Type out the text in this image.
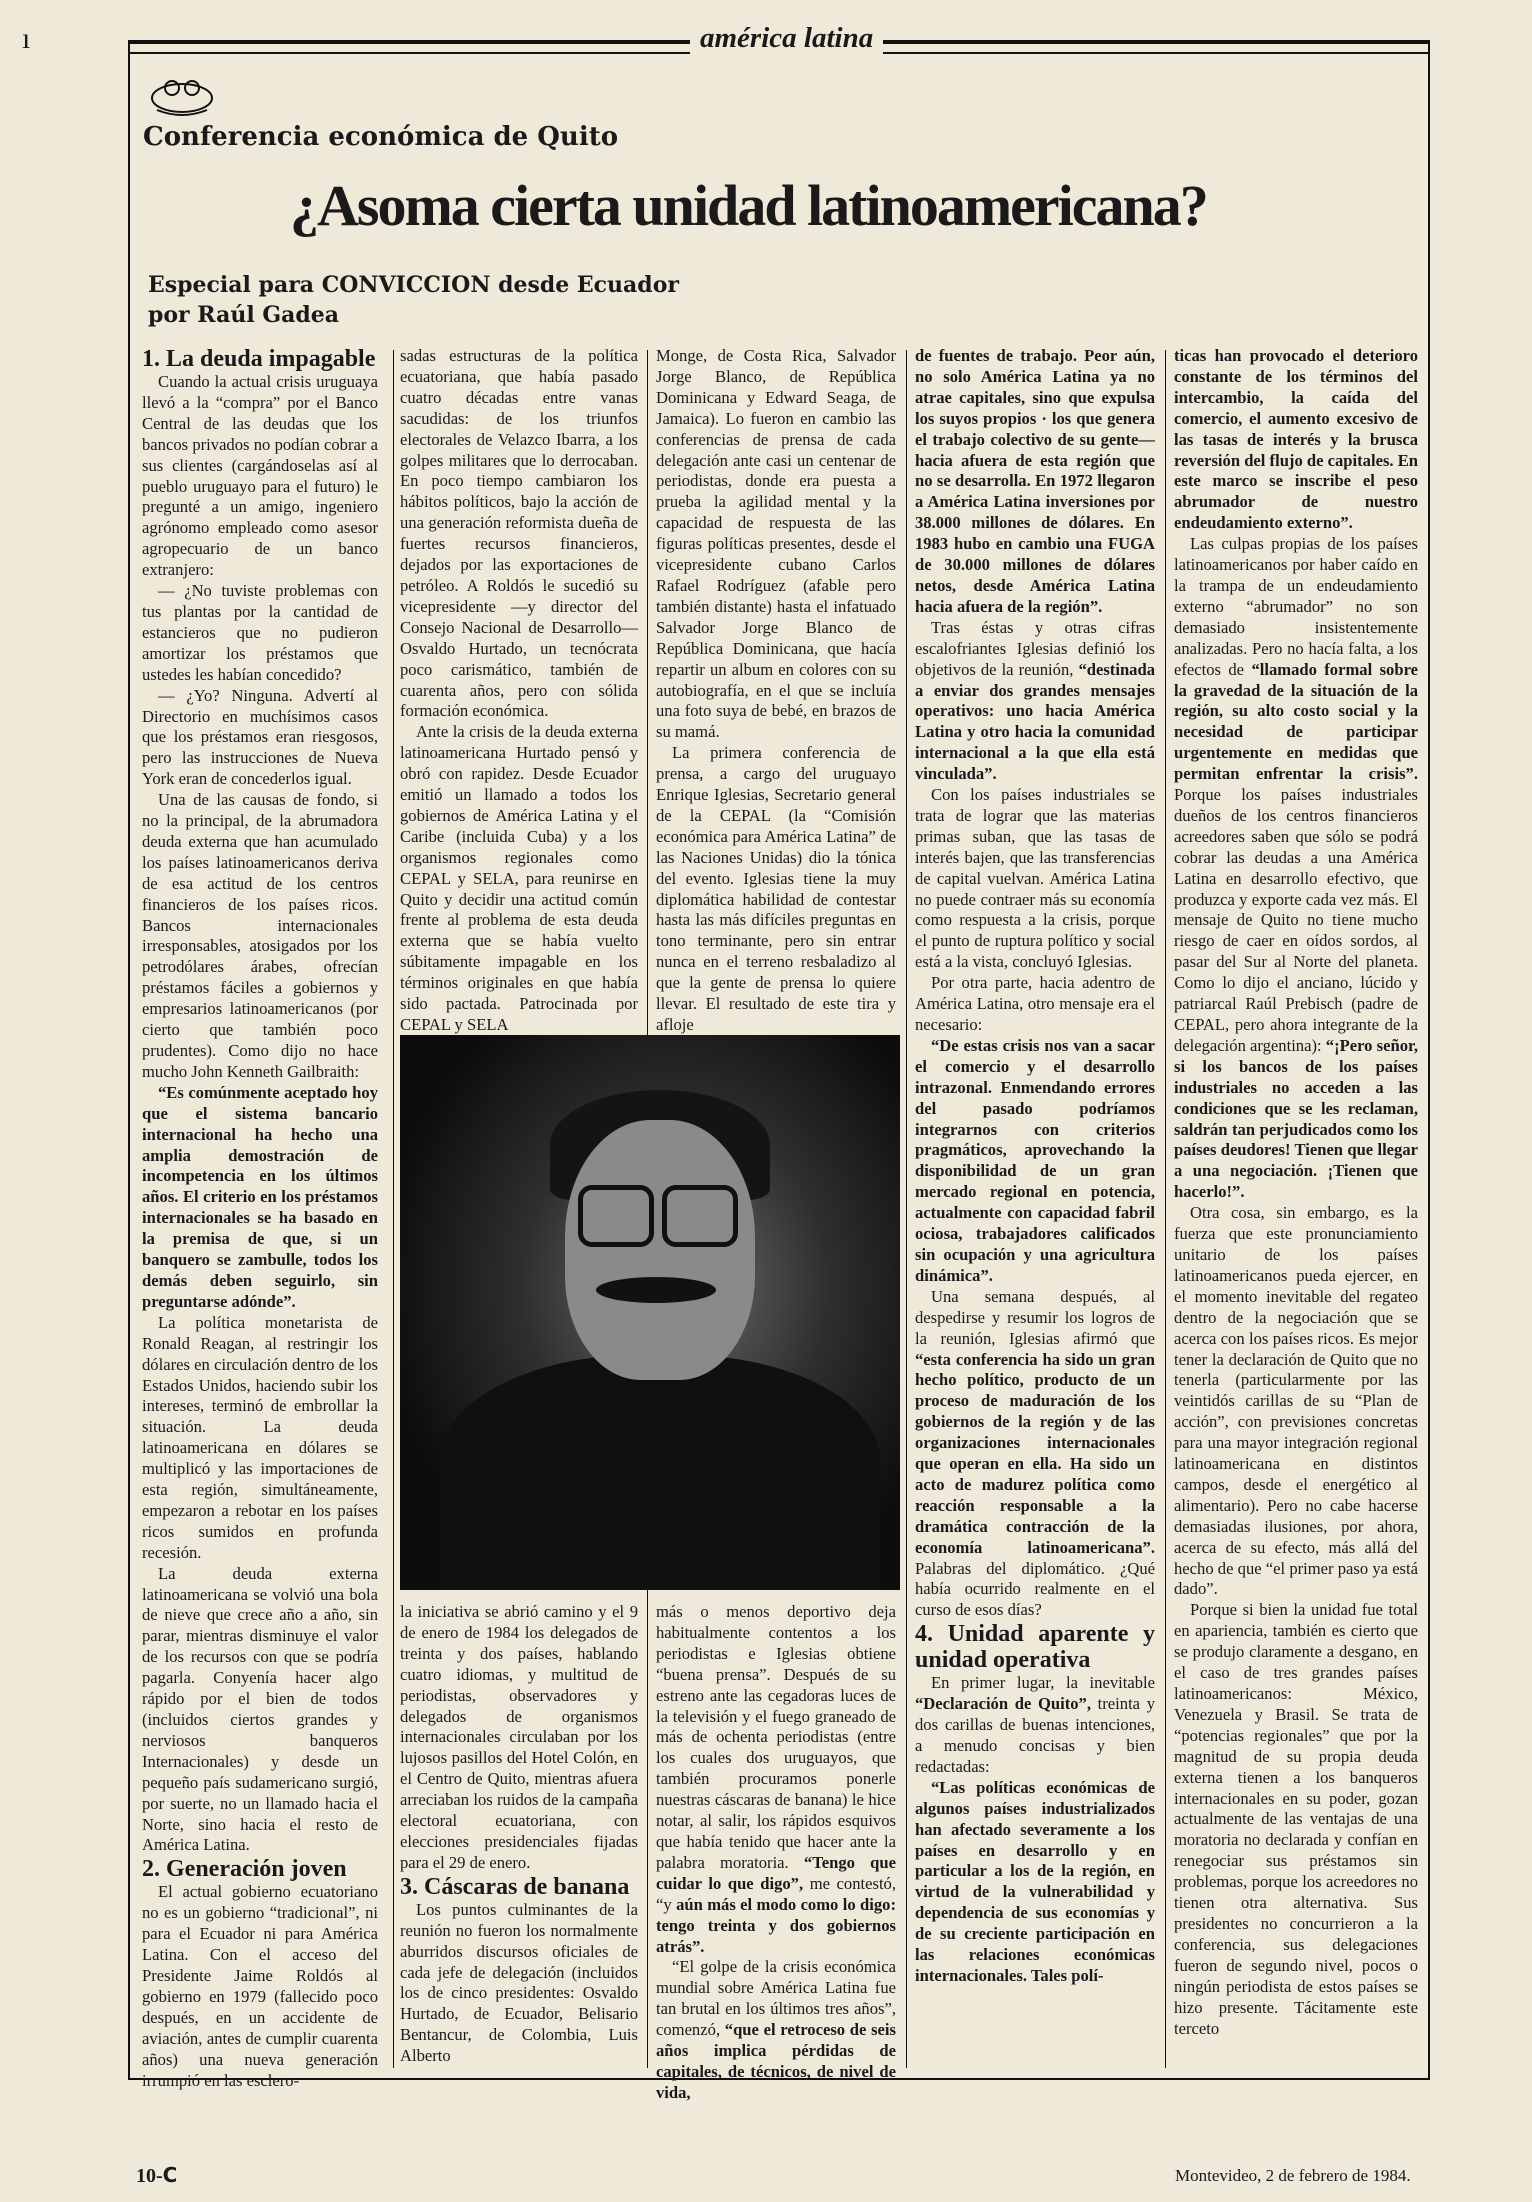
ı	américa latina
Conferencia económica de Quito
¿Asoma cierta unidad latinoamericana?
Especial para CONVICCION desde Ecuador
por Raúl Gadea

1. La deuda impagable

Cuando la actual crisis uruguaya llevó a la “compra” por el Banco Central de las deudas que los bancos privados no podían cobrar a sus clientes (cargándoselas así al pueblo uruguayo para el futuro) le pregunté a un amigo, ingeniero agrónomo empleado como asesor agropecuario de un banco extranjero:

— ¿No tuviste problemas con tus plantas por la cantidad de estancieros que no pudieron amortizar los préstamos que ustedes les habían concedido?

— ¿Yo? Ninguna. Advertí al Directorio en muchísimos casos que los préstamos eran riesgosos, pero las instrucciones de Nueva York eran de concederlos igual.

Una de las causas de fondo, si no la principal, de la abrumadora deuda externa que han acumulado los países latinoamericanos deriva de esa actitud de los centros financieros de los países ricos. Bancos internacionales irresponsables, atosigados por los petrodólares árabes, ofrecían préstamos fáciles a gobiernos y empresarios latinoamericanos (por cierto que también poco prudentes). Como dijo no hace mucho John Kenneth Gailbraith:

“Es comúnmente aceptado hoy que el sistema bancario internacional ha hecho una amplia demostración de incompetencia en los últimos años. El criterio en los préstamos internacionales se ha basado en la premisa de que, si un banquero se zambulle, todos los demás deben seguirlo, sin preguntarse adónde”.

La política monetarista de Ronald Reagan, al restringir los dólares en circulación dentro de los Estados Unidos, haciendo subir los intereses, terminó de embrollar la situación. La deuda latinoamericana en dólares se multiplicó y las importaciones de esta región, simultáneamente, empezaron a rebotar en los países ricos sumidos en profunda recesión.

La deuda externa latinoamericana se volvió una bola de nieve que crece año a año, sin parar, mientras disminuye el valor de los recursos con que se podría pagarla. Conyenía hacer algo rápido por el bien de todos (incluidos ciertos grandes y nerviosos banqueros Internacionales) y desde un pequeño país sudamericano surgió, por suerte, no un llamado hacia el Norte, sino hacia el resto de América Latina.

2. Generación joven

El actual gobierno ecuatoriano no es un gobierno “tradicional”, ni para el Ecuador ni para América Latina. Con el acceso del Presidente Jaime Roldós al gobierno en 1979 (fallecido poco después, en un accidente de aviación, antes de cumplir cuarenta años) una nueva generación irrumpió en las esclero-

sadas estructuras de la política ecuatoriana, que había pasado cuatro décadas entre vanas sacudidas: de los triunfos electorales de Velazco Ibarra, a los golpes militares que lo derrocaban. En poco tiempo cambiaron los hábitos políticos, bajo la acción de una generación reformista dueña de fuertes recursos financieros, dejados por las exportaciones de petróleo. A Roldós le sucedió su vicepresidente —y director del Consejo Nacional de Desarrollo— Osvaldo Hurtado, un tecnócrata poco carismático, también de cuarenta años, pero con sólida formación económica.

Ante la crisis de la deuda externa latinoamericana Hurtado pensó y obró con rapidez. Desde Ecuador emitió un llamado a todos los gobiernos de América Latina y el Caribe (incluida Cuba) y a los organismos regionales como CEPAL y SELA, para reunirse en Quito y decidir una actitud común frente al problema de esta deuda externa que se había vuelto súbitamente impagable en los términos originales en que había sido pactada. Patrocinada por CEPAL y SELA

Monge, de Costa Rica, Salvador Jorge Blanco, de República Dominicana y Edward Seaga, de Jamaica). Lo fueron en cambio las conferencias de prensa de cada delegación ante casi un centenar de periodistas, donde era puesta a prueba la agilidad mental y la capacidad de respuesta de las figuras políticas presentes, desde el vicepresidente cubano Carlos Rafael Rodríguez (afable pero también distante) hasta el infatuado Salvador Jorge Blanco de República Dominicana, que hacía repartir un album en colores con su autobiografía, en el que se incluía una foto suya de bebé, en brazos de su mamá.

La primera conferencia de prensa, a cargo del uruguayo Enrique Iglesias, Secretario general de la CEPAL (la “Comisión económica para América Latina” de las Naciones Unidas) dio la tónica del evento. Iglesias tiene la muy diplomática habilidad de contestar hasta las más difíciles preguntas en tono terminante, pero sin entrar nunca en el terreno resbaladizo al que la gente de prensa lo quiere llevar. El resultado de este tira y afloje

la iniciativa se abrió camino y el 9 de enero de 1984 los delegados de treinta y dos países, hablando cuatro idiomas, y multitud de periodistas, observadores y delegados de organismos internacionales circulaban por los lujosos pasillos del Hotel Colón, en el Centro de Quito, mientras afuera arreciaban los ruidos de la campaña electoral ecuatoriana, con elecciones presidenciales fijadas para el 29 de enero.

3. Cáscaras de banana

Los puntos culminantes de la reunión no fueron los normalmente aburridos discursos oficiales de cada jefe de delegación (incluidos los de cinco presidentes: Osvaldo Hurtado, de Ecuador, Belisario Bentancur, de Colombia, Luis Alberto

más o menos deportivo deja habitualmente contentos a los periodistas e Iglesias obtiene “buena prensa”. Después de su estreno ante las cegadoras luces de la televisión y el fuego graneado de más de ochenta periodistas (entre los cuales dos uruguayos, que también procuramos ponerle nuestras cáscaras de banana) le hice notar, al salir, los rápidos esquivos que había tenido que hacer ante la palabra moratoria. “Tengo que cuidar lo que digo”, me contestó, “y aún más el modo como lo digo: tengo treinta y dos gobiernos atrás”.

“El golpe de la crisis económica mundial sobre América Latina fue tan brutal en los últimos tres años”, comenzó, “que el retroceso de seis años implica pérdidas de capitales, de técnicos, de nivel de vida,

de fuentes de trabajo. Peor aún, no solo América Latina ya no atrae capitales, sino que expulsa los suyos propios · los que genera el trabajo colectivo de su gente— hacia afuera de esta región que no se desarrolla. En 1972 llegaron a América Latina inversiones por 38.000 millones de dólares. En 1983 hubo en cambio una FUGA de 30.000 millones de dólares netos, desde América Latina hacia afuera de la región”.

Tras éstas y otras cifras escalofriantes Iglesias definió los objetivos de la reunión, “destinada a enviar dos grandes mensajes operativos: uno hacia América Latina y otro hacia la comunidad internacional a la que ella está vinculada”.

Con los países industriales se trata de lograr que las materias primas suban, que las tasas de interés bajen, que las transferencias de capital vuelvan. América Latina no puede contraer más su economía como respuesta a la crisis, porque el punto de ruptura político y social está a la vista, concluyó Iglesias.

Por otra parte, hacia adentro de América Latina, otro mensaje era el necesario:

“De estas crisis nos van a sacar el comercio y el desarrollo intrazonal. Enmendando errores del pasado podríamos integrarnos con criterios pragmáticos, aprovechando la disponibilidad de un gran mercado regional en potencia, actualmente con capacidad fabril ociosa, trabajadores calificados sin ocupación y una agricultura dinámica”.

Una semana después, al despedirse y resumir los logros de la reunión, Iglesias afirmó que “esta conferencia ha sido un gran hecho político, producto de un proceso de maduración de los gobiernos de la región y de las organizaciones internacionales que operan en ella. Ha sido un acto de madurez política como reacción responsable a la dramática contracción de la economía latinoamericana”. Palabras del diplomático. ¿Qué había ocurrido realmente en el curso de esos días?

4. Unidad aparente y unidad operativa

En primer lugar, la inevitable “Declaración de Quito”, treinta y dos carillas de buenas intenciones, a menudo concisas y bien redactadas:

“Las políticas económicas de algunos países industrializados han afectado severamente a los países en desarrollo y en particular a los de la región, en virtud de la vulnerabilidad y dependencia de sus economías y de su creciente participación en las relaciones económicas internacionales. Tales polí-

ticas han provocado el deterioro constante de los términos del intercambio, la caída del comercio, el aumento excesivo de las tasas de interés y la brusca reversión del flujo de capitales. En este marco se inscribe el peso abrumador de nuestro endeudamiento externo”.

Las culpas propias de los países latinoamericanos por haber caído en la trampa de un endeudamiento externo “abrumador” no son demasiado insistentemente analizadas. Pero no hacía falta, a los efectos de “llamado formal sobre la gravedad de la situación de la región, su alto costo social y la necesidad de participar urgentemente en medidas que permitan enfrentar la crisis”. Porque los países industriales dueños de los centros financieros acreedores saben que sólo se podrá cobrar las deudas a una América Latina en desarrollo efectivo, que produzca y exporte cada vez más. El mensaje de Quito no tiene mucho riesgo de caer en oídos sordos, al pasar del Sur al Norte del planeta. Como lo dijo el anciano, lúcido y patriarcal Raúl Prebisch (padre de CEPAL, pero ahora integrante de la delegación argentina): “¡Pero señor, si los bancos de los países industriales no acceden a las condiciones que se les reclaman, saldrán tan perjudicados como los países deudores! Tienen que llegar a una negociación. ¡Tienen que hacerlo!”.

Otra cosa, sin embargo, es la fuerza que este pronunciamiento unitario de los países latinoamericanos pueda ejercer, en el momento inevitable del regateo dentro de la negociación que se acerca con los países ricos. Es mejor tener la declaración de Quito que no tenerla (particularmente por las veintidós carillas de su “Plan de acción”, con previsiones concretas para una mayor integración regional latinoamericana en distintos campos, desde el energético al alimentario). Pero no cabe hacerse demasiadas ilusiones, por ahora, acerca de su efecto, más allá del hecho de que “el primer paso ya está dado”.

Porque si bien la unidad fue total en apariencia, también es cierto que se produjo claramente a desgano, en el caso de tres grandes países latinoamericanos: México, Venezuela y Brasil. Se trata de “potencias regionales” que por la magnitud de su propia deuda externa tienen a los banqueros internacionales en su poder, gozan actualmente de las ventajas de una moratoria no declarada y confían en renegociar sus préstamos sin problemas, porque los acreedores no tienen otra alternativa. Sus presidentes no concurrieron a la conferencia, sus delegaciones fueron de segundo nivel, pocos o ningún periodista de estos países se hizo presente. Tácitamente este terceto

10-C	Montevideo, 2 de febrero de 1984.
